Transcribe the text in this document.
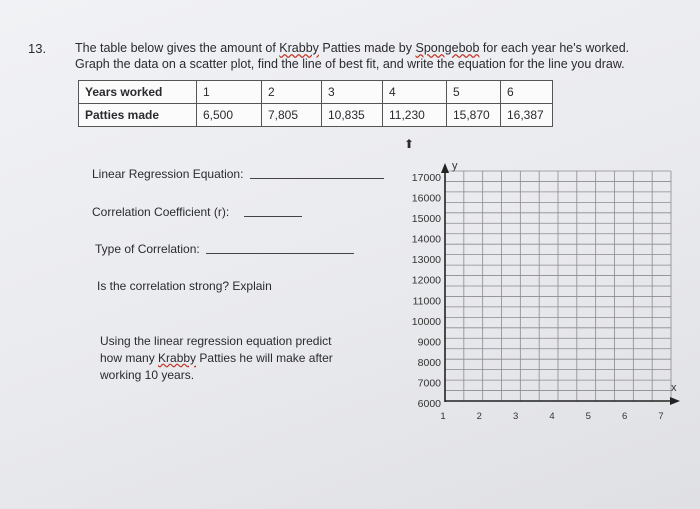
13. The table below gives the amount of Krabby Patties made by Spongebob for each year he's worked.
Graph the data on a scatter plot, find the line of best fit, and write the equation for the line you draw.
Years worked	1	2	3	4	5	6
Patties made	6,500	7,805	10,835	11,230	15,870	16,387
Linear Regression Equation:
Correlation Coefficient (r):
Type of Correlation:
Is the correlation strong? Explain
Using the linear regression equation predict
how many Krabby Patties he will make after
working 10 years.
⬆
17000
16000
15000
14000
13000
12000
11000
10000
9000
8000
7000
6000
1	2	3	4	5	6	7
y
x
